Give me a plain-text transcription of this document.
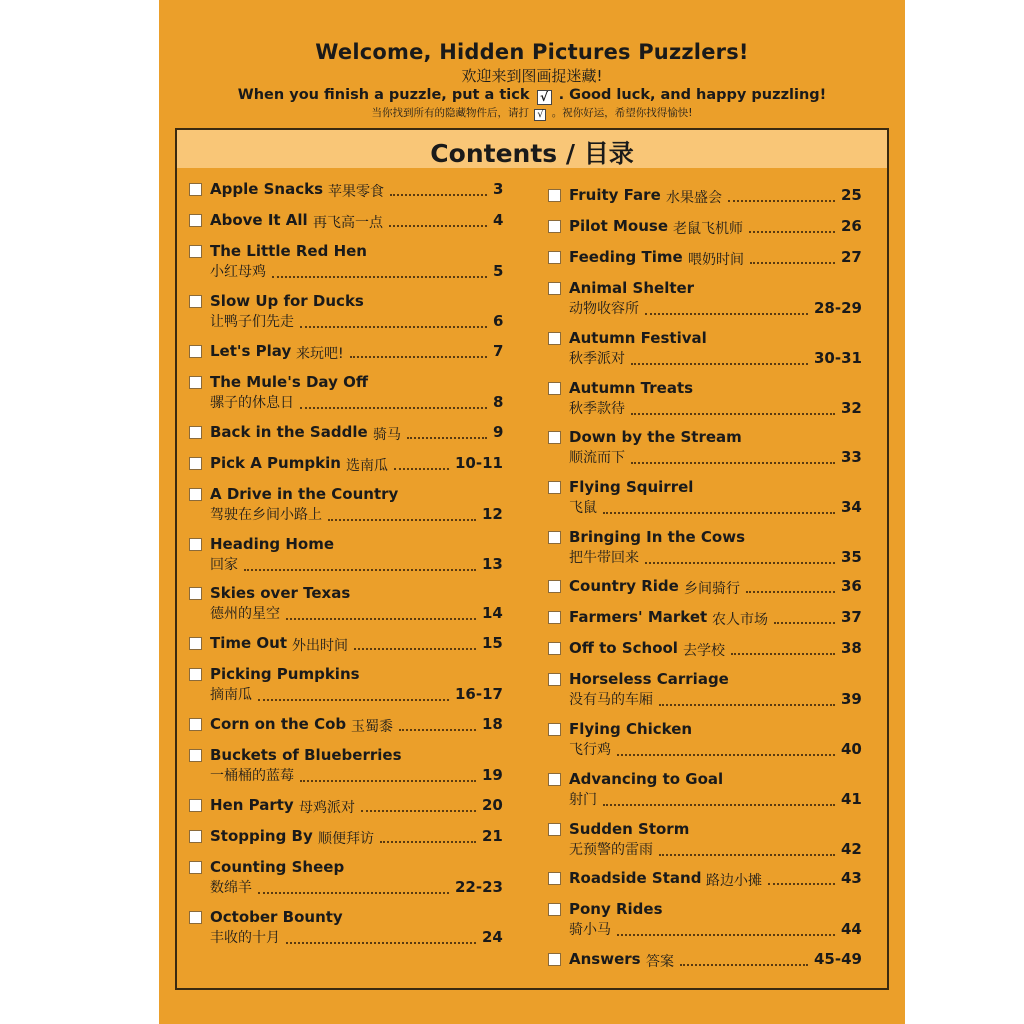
Welcome, Hidden Pictures Puzzlers!
欢迎来到图画捉迷藏!
When you finish a puzzle, put a tick √ . Good luck, and happy puzzling!
当你找到所有的隐藏物件后，请打 √ 。祝你好运，希望你找得愉快!
Contents / 目录
Apple Snacks 苹果零食	3
Above It All 再飞高一点	4
The Little Red Hen
小红母鸡	5
Slow Up for Ducks
让鸭子们先走	6
Let's Play 来玩吧!	7
The Mule's Day Off
骡子的休息日	8
Back in the Saddle 骑马	9
Pick A Pumpkin 选南瓜	10-11
A Drive in the Country
驾驶在乡间小路上	12
Heading Home
回家	13
Skies over Texas
德州的星空	14
Time Out 外出时间	15
Picking Pumpkins
摘南瓜	16-17
Corn on the Cob 玉蜀黍	18
Buckets of Blueberries
一桶桶的蓝莓	19
Hen Party 母鸡派对	20
Stopping By 顺便拜访	21
Counting Sheep
数绵羊	22-23
October Bounty
丰收的十月	24
Fruity Fare 水果盛会	25
Pilot Mouse 老鼠飞机师	26
Feeding Time 喂奶时间	27
Animal Shelter
动物收容所	28-29
Autumn Festival
秋季派对	30-31
Autumn Treats
秋季款待	32
Down by the Stream
顺流而下	33
Flying Squirrel
飞鼠	34
Bringing In the Cows
把牛带回来	35
Country Ride 乡间骑行	36
Farmers' Market 农人市场	37
Off to School 去学校	38
Horseless Carriage
没有马的车厢	39
Flying Chicken
飞行鸡	40
Advancing to Goal
射门	41
Sudden Storm
无预警的雷雨	42
Roadside Stand 路边小摊	43
Pony Rides
骑小马	44
Answers 答案	45-49
